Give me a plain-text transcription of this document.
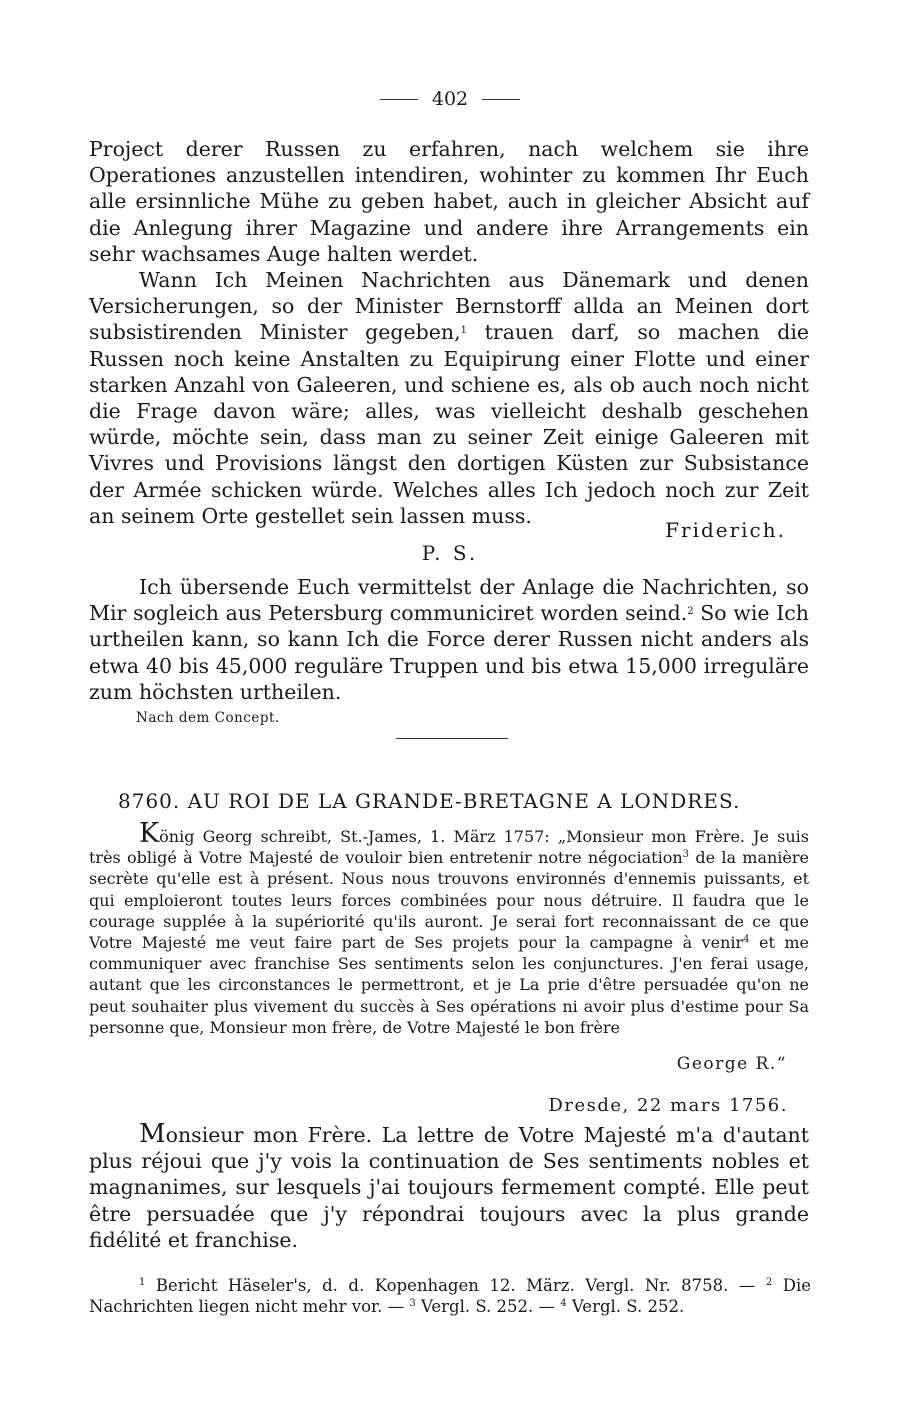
402

Project derer Russen zu erfahren, nach welchem sie ihre Operationes anzustellen intendiren, wohinter zu kommen Ihr Euch alle ersinnliche Mühe zu geben habet, auch in gleicher Absicht auf die Anlegung ihrer Magazine und andere ihre Arrangements ein sehr wachsames Auge halten werdet.

Wann Ich Meinen Nachrichten aus Dänemark und denen Versicherungen, so der Minister Bernstorff allda an Meinen dort subsistirenden Minister gegeben,$^1$ trauen darf, so machen die Russen noch keine Anstalten zu Equipirung einer Flotte und einer starken Anzahl von Galeeren, und schiene es, als ob auch noch nicht die Frage davon wäre; alles, was vielleicht deshalb geschehen würde, möchte sein, dass man zu seiner Zeit einige Galeeren mit Vivres und Provisions längst den dortigen Küsten zur Subsistance der Armée schicken würde. Welches alles Ich jedoch noch zur Zeit an seinem Orte gestellet sein lassen muss.

Friderich.
P. S.

Ich übersende Euch vermittelst der Anlage die Nachrichten, so Mir sogleich aus Petersburg communiciret worden seind.$^2$ So wie Ich urtheilen kann, so kann Ich die Force derer Russen nicht anders als etwa 40 bis 45,000 reguläre Truppen und bis etwa 15,000 irreguläre zum höchsten urtheilen.

Nach dem Concept.
8760. AU ROI DE LA GRANDE-BRETAGNE A LONDRES.

König Georg schreibt, St.-James, 1. März 1757: „Monsieur mon Frère. Je suis très obligé à Votre Majesté de vouloir bien entretenir notre négociation$^3$ de la manière secrète qu'elle est à présent. Nous nous trouvons environnés d'ennemis puissants, et qui emploieront toutes leurs forces combinées pour nous détruire. Il faudra que le courage supplée à la supériorité qu'ils auront. Je serai fort reconnaissant de ce que Votre Majesté me veut faire part de Ses projets pour la campagne à venir$^4$ et me communiquer avec franchise Ses sentiments selon les conjunctures. J'en ferai usage, autant que les circonstances le permettront, et je La prie d'être persuadée qu'on ne peut souhaiter plus vivement du succès à Ses opérations ni avoir plus d'estime pour Sa personne que, Monsieur mon frère, de Votre Majesté le bon frère

George R.“
Dresde, 22 mars 1756.

Monsieur mon Frère. La lettre de Votre Majesté m'a d'autant plus réjoui que j'y vois la continuation de Ses sentiments nobles et magnanimes, sur lesquels j'ai toujours fermement compté. Elle peut être persuadée que j'y répondrai toujours avec la plus grande fidélité et franchise.

$^1$ Bericht Häseler's, d. d. Kopenhagen 12. März. Vergl. Nr. 8758. — $^2$ Die Nachrichten liegen nicht mehr vor. — $^3$ Vergl. S. 252. — $^4$ Vergl. S. 252.
